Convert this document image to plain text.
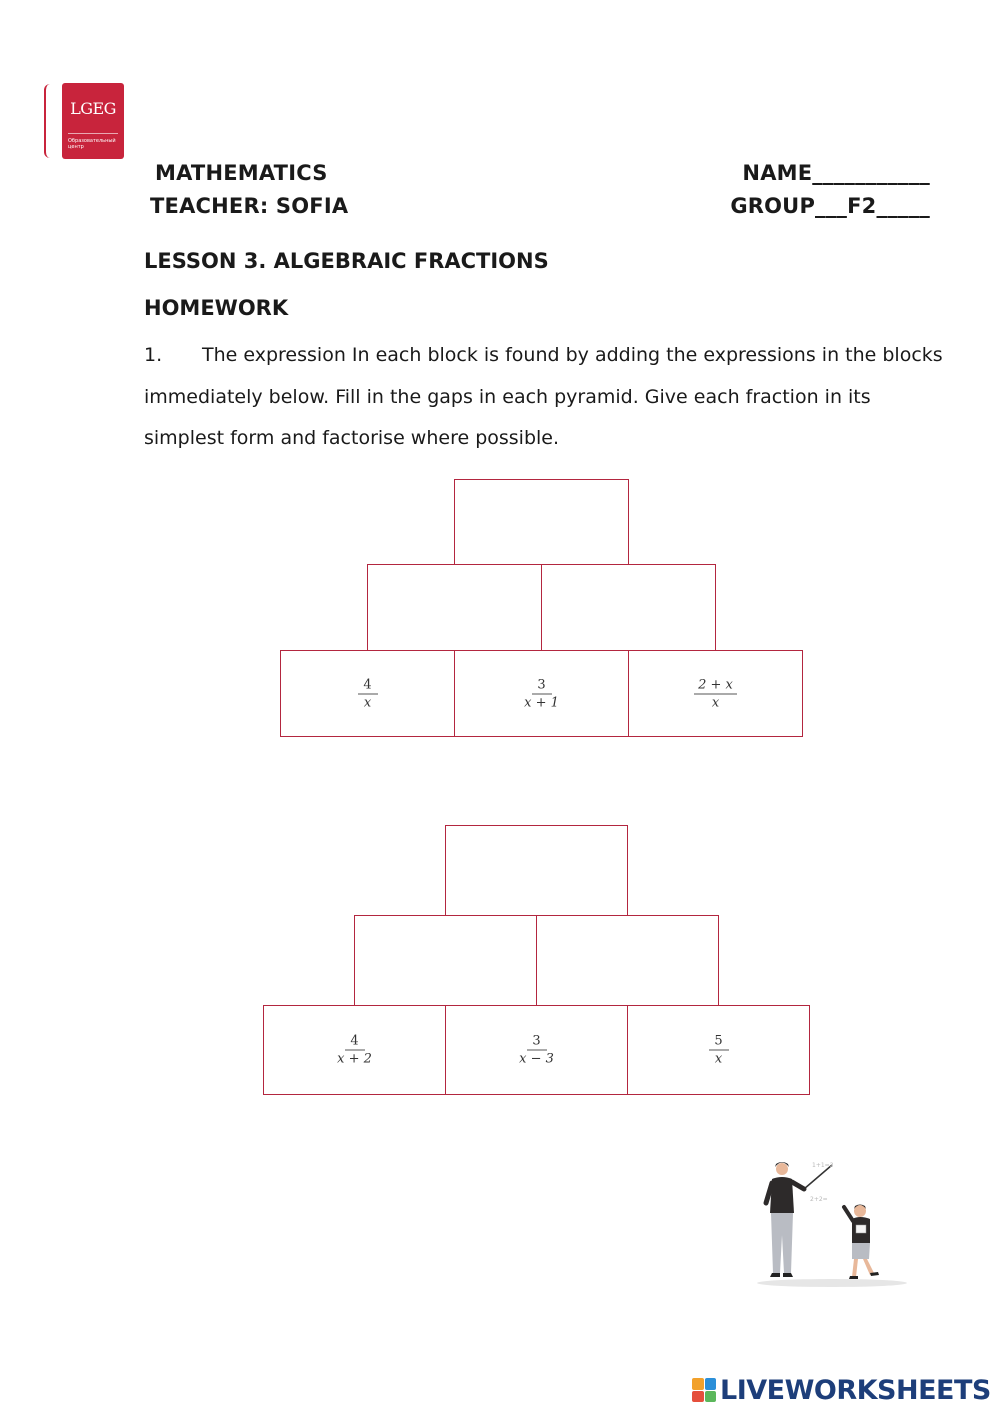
LGEG
Образовательный центр
MATHEMATICS
TEACHER: SOFIA
NAME___________
GROUP___F2_____
LESSON 3. ALGEBRAIC FRACTIONS
HOMEWORK
1. The expression In each block is found by adding the expressions in the blocks immediately below. Fill in the gaps in each pyramid. Give each fraction in its simplest form and factorise where possible.
$\frac{4}{x} \frac{3}{x + 1} \frac{2 + x}{x}$
$\frac{4}{x + 2} \frac{3}{x - 3} \frac{5}{x}$
1+1=2
2+2=
LIVEWORKSHEETS
